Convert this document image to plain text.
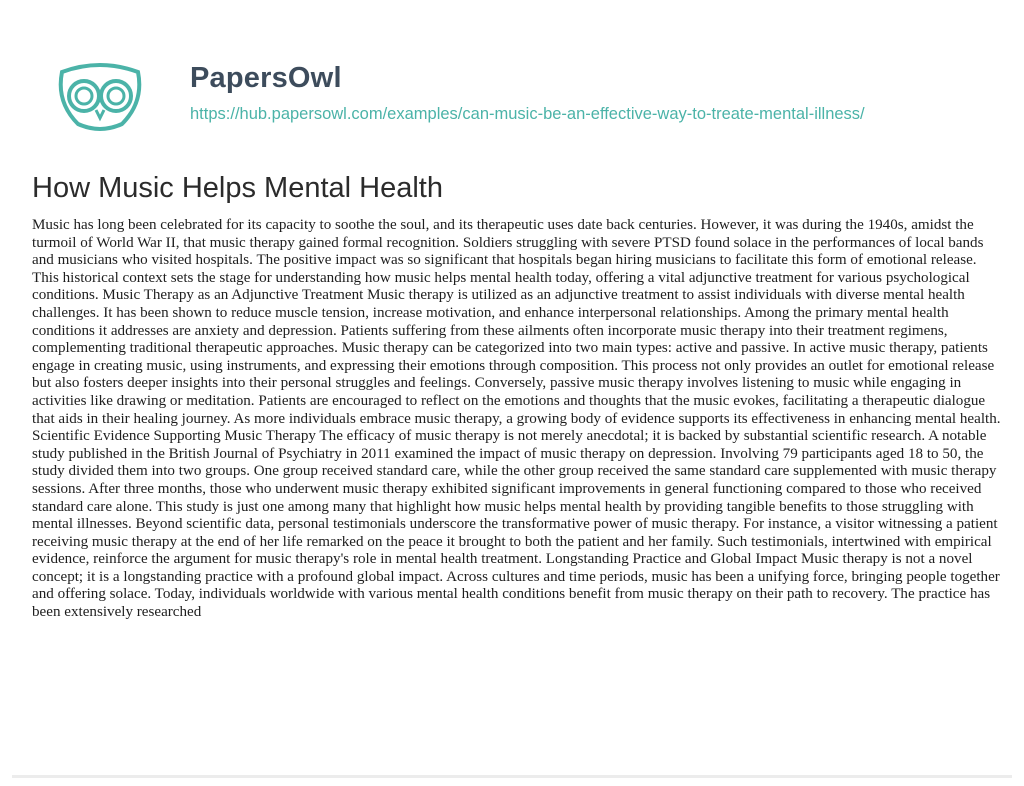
PapersOwl
https://hub.papersowl.com/examples/can-music-be-an-effective-way-to-treate-mental-illness/
How Music Helps Mental Health

Music has long been celebrated for its capacity to soothe the soul, and its therapeutic uses date back centuries. However, it was during the 1940s, amidst the turmoil of World War II, that music therapy gained formal recognition. Soldiers struggling with severe PTSD found solace in the performances of local bands and musicians who visited hospitals. The positive impact was so significant that hospitals began hiring musicians to facilitate this form of emotional release. This historical context sets the stage for understanding how music helps mental health today, offering a vital adjunctive treatment for various psychological conditions. Music Therapy as an Adjunctive Treatment Music therapy is utilized as an adjunctive treatment to assist individuals with diverse mental health challenges. It has been shown to reduce muscle tension, increase motivation, and enhance interpersonal relationships. Among the primary mental health conditions it addresses are anxiety and depression. Patients suffering from these ailments often incorporate music therapy into their treatment regimens, complementing traditional therapeutic approaches. Music therapy can be categorized into two main types: active and passive. In active music therapy, patients engage in creating music, using instruments, and expressing their emotions through composition. This process not only provides an outlet for emotional release but also fosters deeper insights into their personal struggles and feelings. Conversely, passive music therapy involves listening to music while engaging in activities like drawing or meditation. Patients are encouraged to reflect on the emotions and thoughts that the music evokes, facilitating a therapeutic dialogue that aids in their healing journey. As more individuals embrace music therapy, a growing body of evidence supports its effectiveness in enhancing mental health. Scientific Evidence Supporting Music Therapy The efficacy of music therapy is not merely anecdotal; it is backed by substantial scientific research. A notable study published in the British Journal of Psychiatry in 2011 examined the impact of music therapy on depression. Involving 79 participants aged 18 to 50, the study divided them into two groups. One group received standard care, while the other group received the same standard care supplemented with music therapy sessions. After three months, those who underwent music therapy exhibited significant improvements in general functioning compared to those who received standard care alone. This study is just one among many that highlight how music helps mental health by providing tangible benefits to those struggling with mental illnesses. Beyond scientific data, personal testimonials underscore the transformative power of music therapy. For instance, a visitor witnessing a patient receiving music therapy at the end of her life remarked on the peace it brought to both the patient and her family. Such testimonials, intertwined with empirical evidence, reinforce the argument for music therapy's role in mental health treatment. Longstanding Practice and Global Impact Music therapy is not a novel concept; it is a longstanding practice with a profound global impact. Across cultures and time periods, music has been a unifying force, bringing people together and offering solace. Today, individuals worldwide with various mental health conditions benefit from music therapy on their path to recovery. The practice has been extensively researched
